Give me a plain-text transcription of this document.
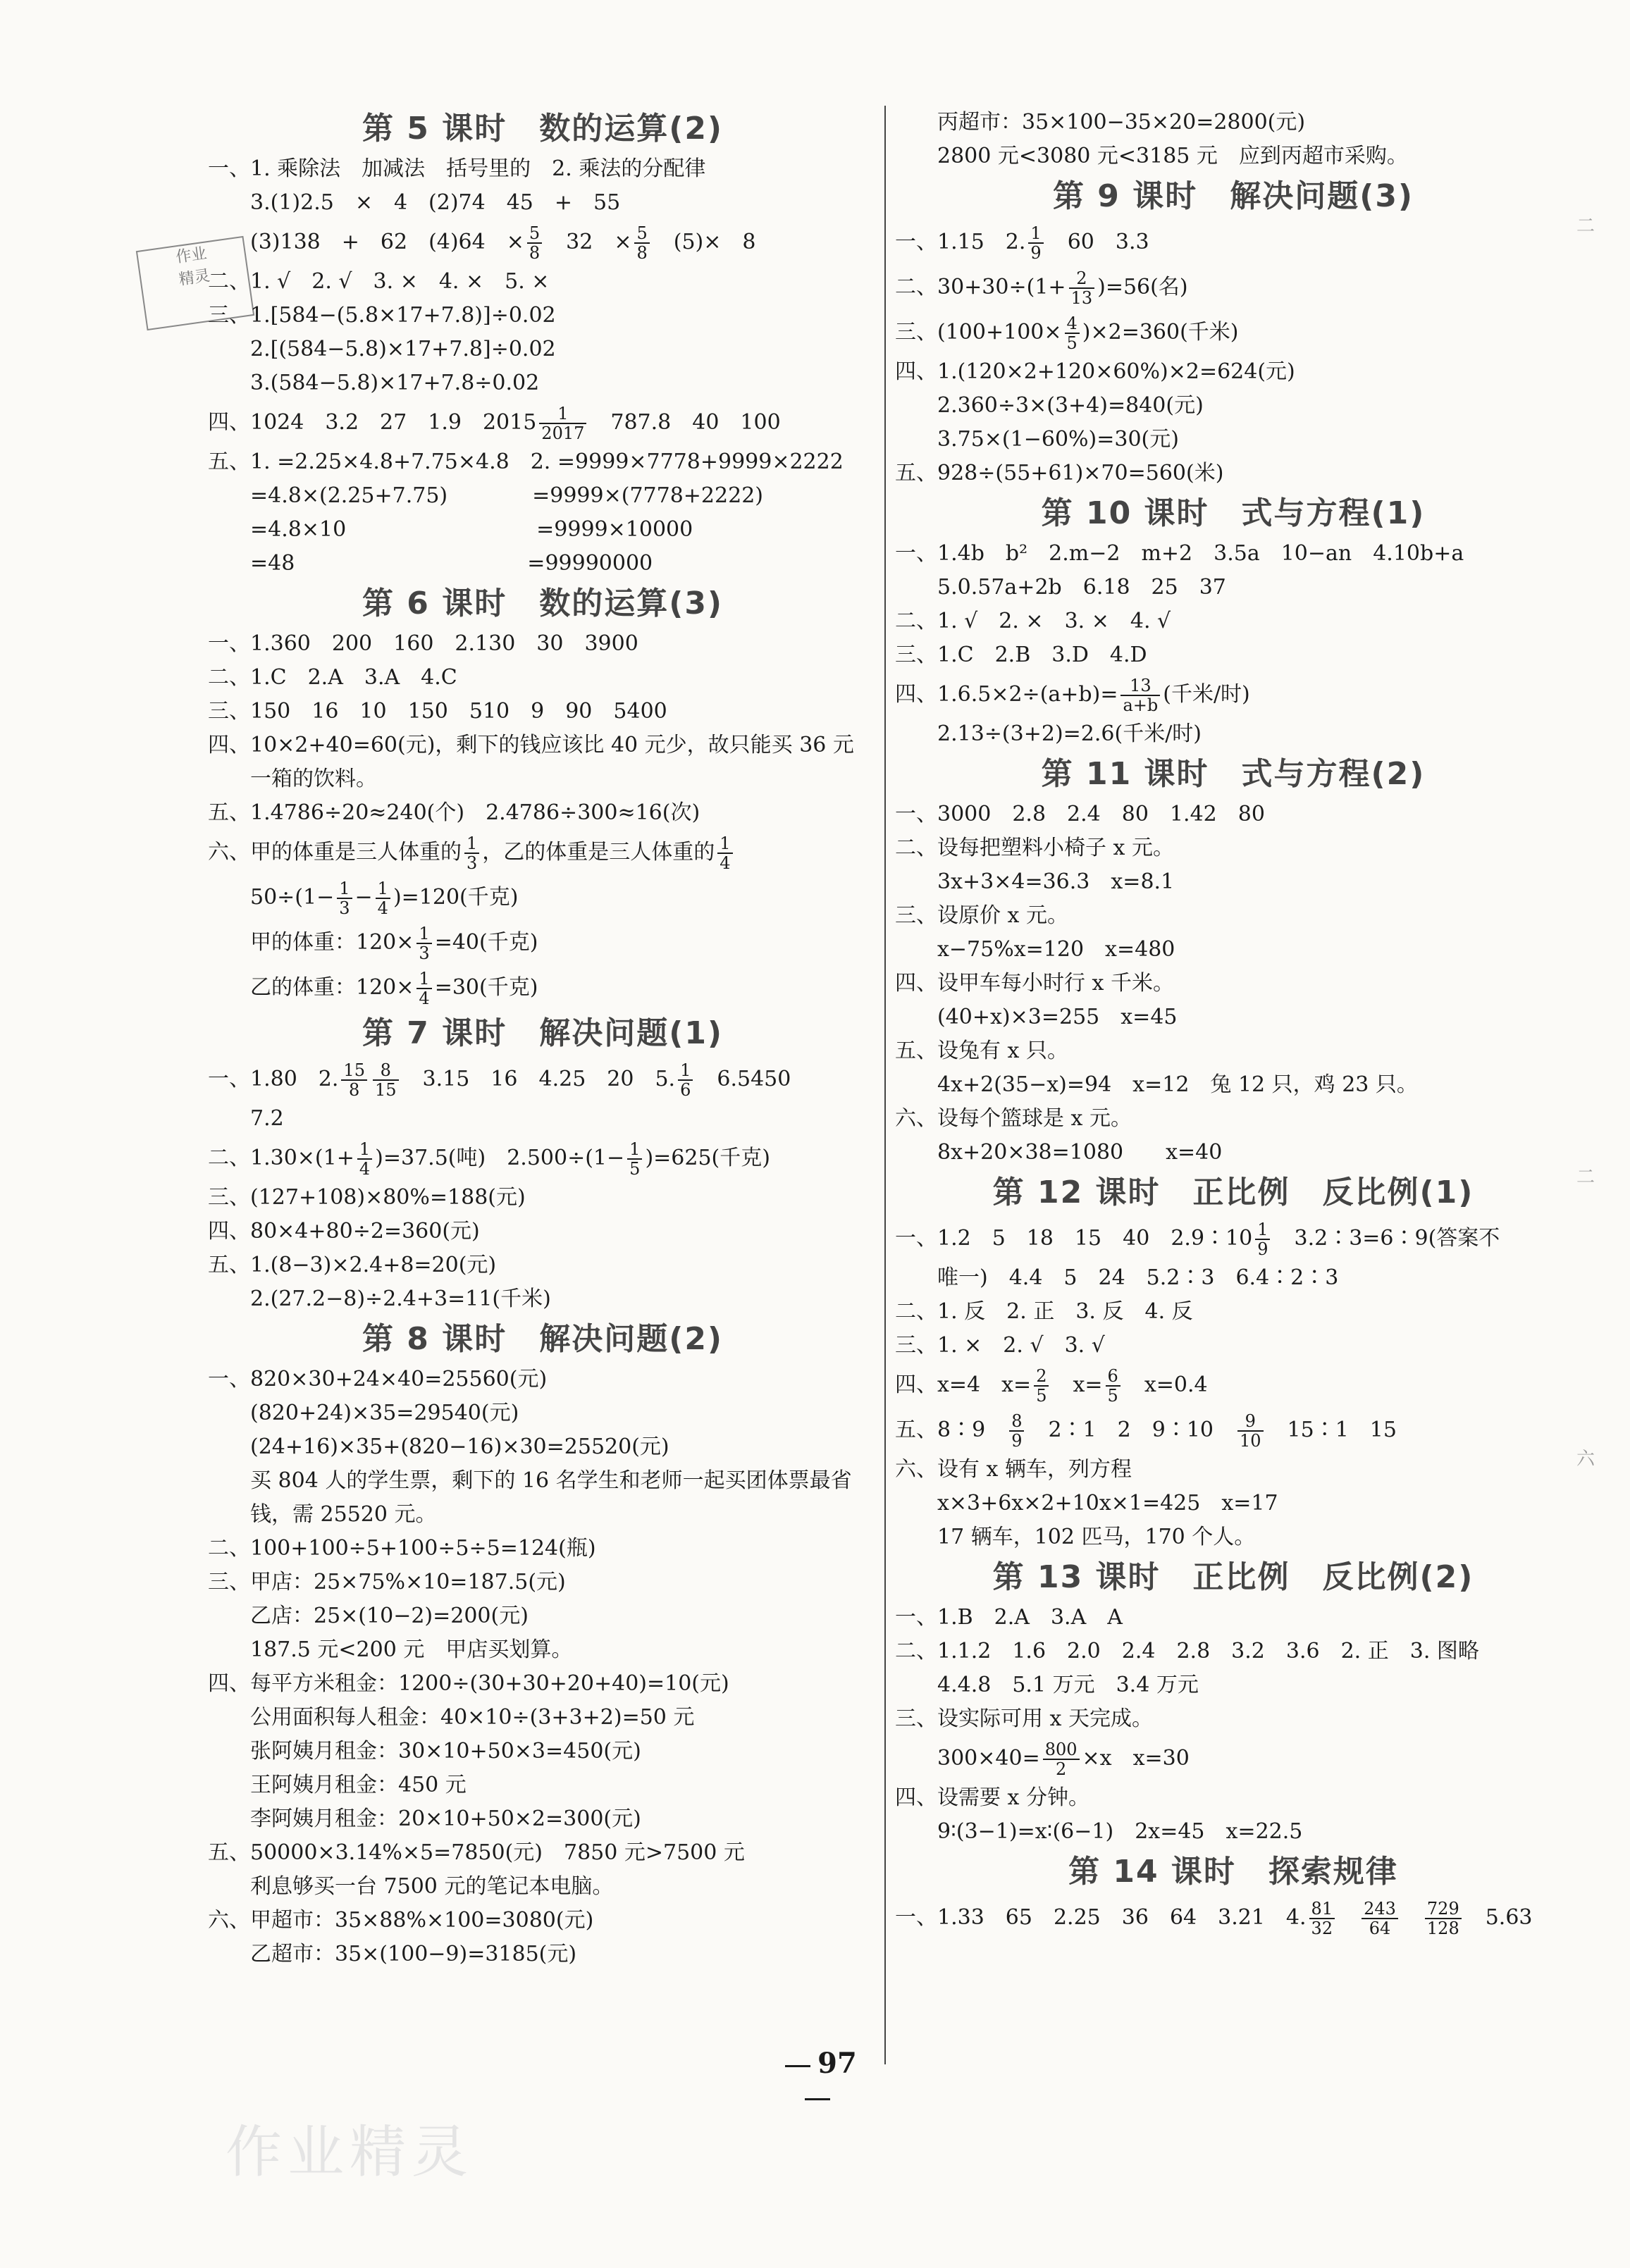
作业
精灵
作业精灵
二
二
六
第 5 课时　数的运算(2)
一、1. 乘除法　加减法　括号里的　2. 乘法的分配律
3.(1)2.5　×　4　(2)74　45　+　55
(3)138　+　62　(4)64　× $\frac{5}{8}$ 　32　× $\frac{5}{8}$ 　(5)×　8
二、1. √　2. √　3. ×　4. ×　5. ×
三、1.[584−(5.8×17+7.8)]÷0.02
2.[(584−5.8)×17+7.8]÷0.02
3.(584−5.8)×17+7.8÷0.02
四、1024　3.2　27　1.9　$2015 \frac{1}{2017}$ 　787.8　40　100
五、1. =2.25×4.8+7.75×4.8　2. =9999×7778+9999×2222
=4.8×(2.25+7.75)　　　　=9999×(7778+2222)
=4.8×10　　　　　　　　　=9999×10000
=48　　　　　　　　　　　=99990000
第 6 课时　数的运算(3)
一、1.360　200　160　2.130　30　3900
二、1.C　2.A　3.A　4.C
三、150　16　10　150　510　9　90　5400
四、10×2+40=60(元)，剩下的钱应该比 40 元少，故只能买 36 元
一箱的饮料。
五、1.4786÷20≈240(个)　2.4786÷300≈16(次)
六、甲的体重是三人体重的 $\frac{1}{3}$ ，乙的体重是三人体重的 $\frac{1}{4}$
$50\div(1- \frac{1}{3} - \frac{1}{4} )=120$(千克)
甲的体重：$120\times \frac{1}{3} =40$(千克)
乙的体重：$120\times \frac{1}{4} =30$(千克)
第 7 课时　解决问题(1)
一、1.80　2. $\frac{15}{8} \frac{8}{15}$ 　3.15　16　4.25　20　5. $\frac{1}{6}$ 　6.5450
7.2
二、$1.30\times(1+ \frac{1}{4} )=37.5$(吨)　$2.500\div(1- \frac{1}{5} )=625$(千克)
三、(127+108)×80%=188(元)
四、80×4+80÷2=360(元)
五、1.(8−3)×2.4+8=20(元)
2.(27.2−8)÷2.4+3=11(千米)
第 8 课时　解决问题(2)
一、820×30+24×40=25560(元)
(820+24)×35=29540(元)
(24+16)×35+(820−16)×30=25520(元)
买 804 人的学生票，剩下的 16 名学生和老师一起买团体票最省
钱，需 25520 元。
二、100+100÷5+100÷5÷5=124(瓶)
三、甲店：25×75%×10=187.5(元)
乙店：25×(10−2)=200(元)
187.5 元<200 元　甲店买划算。
四、每平方米租金：1200÷(30+30+20+40)=10(元)
公用面积每人租金：40×10÷(3+3+2)=50 元
张阿姨月租金：30×10+50×3=450(元)
王阿姨月租金：450 元
李阿姨月租金：20×10+50×2=300(元)
五、50000×3.14%×5=7850(元)　7850 元>7500 元
利息够买一台 7500 元的笔记本电脑。
六、甲超市：35×88%×100=3080(元)
乙超市：35×(100−9)=3185(元)
丙超市：35×100−35×20=2800(元)
2800 元<3080 元<3185 元　应到丙超市采购。
第 9 课时　解决问题(3)
一、1.15　2. $\frac{1}{9}$ 　60　3.3
二、$30+30\div(1+ \frac{2}{13} )=56$(名)
三、$(100+100\times \frac{4}{5} )\times 2=360$(千米)
四、1.(120×2+120×60%)×2=624(元)
2.360÷3×(3+4)=840(元)
3.75×(1−60%)=30(元)
五、928÷(55+61)×70=560(米)
第 10 课时　式与方程(1)
一、1.4b　b²　2.m−2　m+2　3.5a　10−an　4.10b+a
5.0.57a+2b　6.18　25　37
二、1. √　2. ×　3. ×　4. √
三、1.C　2.B　3.D　4.D
四、$1.6.5\times 2\div(a+b)= \frac{13}{a+b}$ (千米/时)
2.13÷(3+2)=2.6(千米/时)
第 11 课时　式与方程(2)
一、3000　2.8　2.4　80　1.42　80
二、设每把塑料小椅子 x 元。
3x+3×4=36.3　x=8.1
三、设原价 x 元。
x−75%x=120　x=480
四、设甲车每小时行 x 千米。
(40+x)×3=255　x=45
五、设兔有 x 只。
4x+2(35−x)=94　x=12　兔 12 只，鸡 23 只。
六、设每个篮球是 x 元。
8x+20×38=1080　　x=40
第 12 课时　正比例　反比例(1)
一、1.2　5　18　15　40　2.9∶10 $\frac{1}{9}$ 　3.2∶3=6∶9(答案不
唯一)　4.4　5　24　5.2∶3　6.4∶2∶3
二、1. 反　2. 正　3. 反　4. 反
三、1. ×　2. √　3. √
四、x=4　$x= \frac{2}{5}$ 　$x= \frac{6}{5}$ 　x=0.4
五、8∶9　 $\frac{8}{9}$
　 2∶1　2　9∶10　 $\frac{9}{10}$
　 15∶1　15
六、设有 x 辆车，列方程
x×3+6x×2+10x×1=425　x=17
17 辆车，102 匹马，170 个人。
第 13 课时　正比例　反比例(2)
一、1.B　2.A　3.A　A
二、1.1.2　1.6　2.0　2.4　2.8　3.2　3.6　2. 正　3. 图略
4.4.8　5.1 万元　3.4 万元
三、设实际可用 x 天完成。
$300\times 40= \frac{800}{2} \times x$　x=30
四、设需要 x 分钟。
9∶(3−1)=x∶(6−1)　2x=45　x=22.5
第 14 课时　探索规律
一、1.33　65　2.25　36　64　3.21　4. $\frac{81}{32}$
　 $\frac{243}{64}$
　 $\frac{729}{128}$ 　5.63
97
